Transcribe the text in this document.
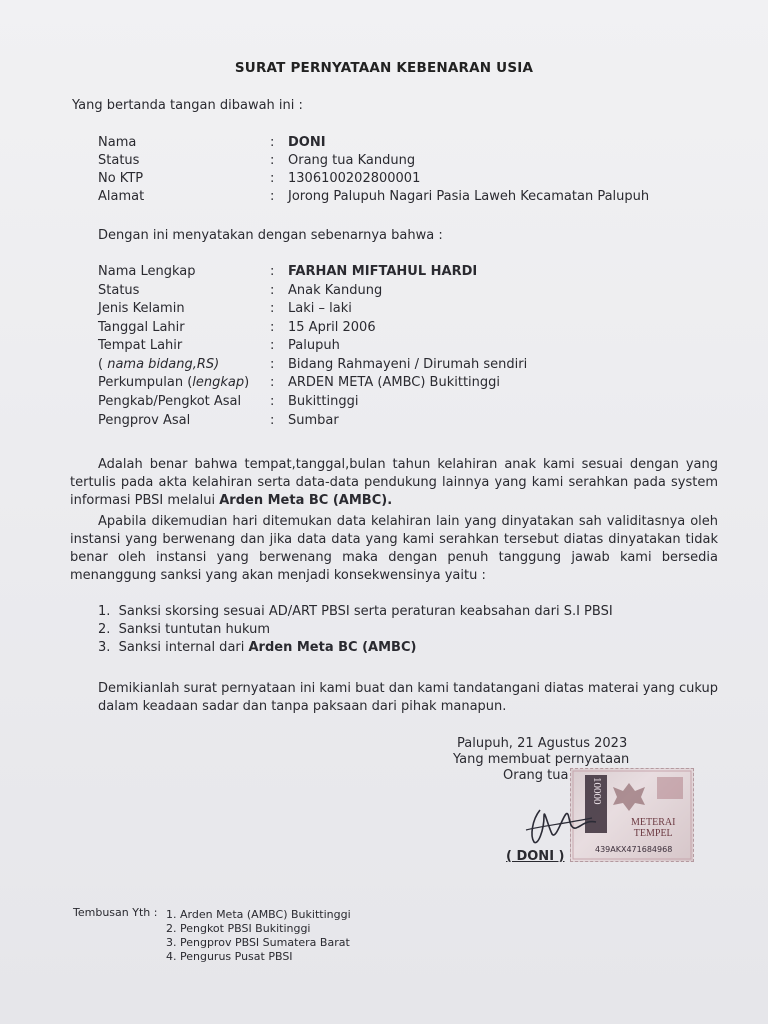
SURAT PERNYATAAN KEBENARAN USIA
Yang bertanda tangan dibawah ini :
Nama	: DONI
Status	: Orang tua Kandung
No KTP	: 1306100202800001
Alamat	: Jorong Palupuh Nagari Pasia Laweh Kecamatan Palupuh
Dengan ini menyatakan dengan sebenarnya bahwa :
Nama Lengkap	: FARHAN MIFTAHUL HARDI
Status	: Anak Kandung
Jenis Kelamin	: Laki – laki
Tanggal Lahir	: 15 April 2006
Tempat Lahir	: Palupuh
( nama bidang,RS)	: Bidang Rahmayeni / Dirumah sendiri
Perkumpulan (lengkap) : ARDEN META (AMBC) Bukittinggi
Pengkab/Pengkot Asal : Bukittinggi
Pengprov Asal	: Sumbar
Adalah benar bahwa tempat,tanggal,bulan tahun kelahiran anak kami sesuai dengan yang tertulis pada akta kelahiran serta data-data pendukung lainnya yang kami serahkan pada system informasi PBSI melalui Arden Meta BC (AMBC).
Apabila dikemudian hari ditemukan data kelahiran lain yang dinyatakan sah validitasnya oleh instansi yang berwenang dan jika data data yang kami serahkan tersebut diatas dinyatakan tidak benar oleh instansi yang berwenang maka dengan penuh tanggung jawab kami bersedia menanggung sanksi yang akan menjadi konsekwensinya yaitu :
1. Sanksi skorsing sesuai AD/ART PBSI serta peraturan keabsahan dari S.I PBSI
2. Sanksi tuntutan hukum
3. Sanksi internal dari Arden Meta BC (AMBC)
Demikianlah surat pernyataan ini kami buat dan kami tandatangani diatas materai yang cukup dalam keadaan sadar dan tanpa paksaan dari pihak manapun.
Palupuh, 21 Agustus 2023
Yang membuat pernyataan
Orang tua
10000
METERAI
TEMPEL
439AKX471684968
( DONI )
Tembusan Yth : 1. Arden Meta (AMBC) Bukittinggi
2. Pengkot PBSI Bukitinggi
3. Pengprov PBSI Sumatera Barat
4. Pengurus Pusat PBSI
